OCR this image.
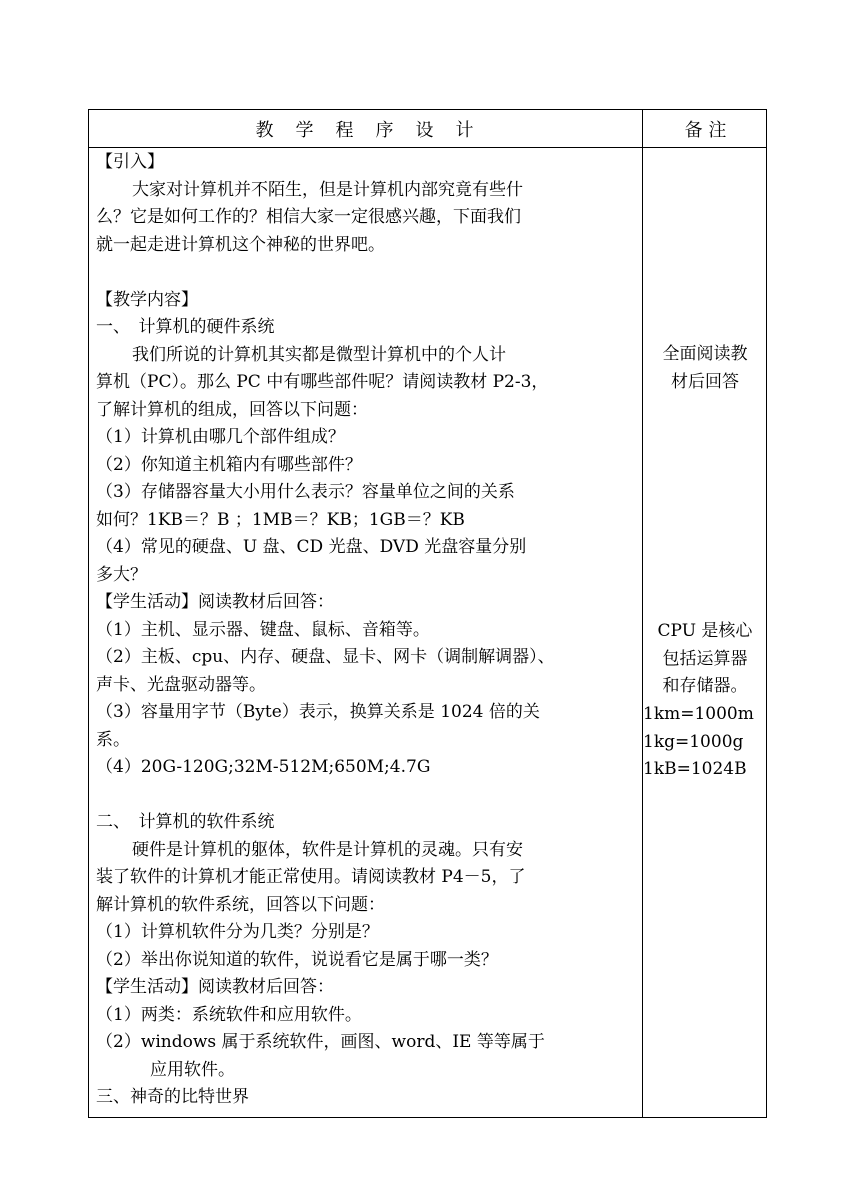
教　学　程　序　设　计	备 注

【引入】

大家对计算机并不陌生，但是计算机内部究竟有些什

么？它是如何工作的？相信大家一定很感兴趣，下面我们

就一起走进计算机这个神秘的世界吧。

【教学内容】

一、　计算机的硬件系统

我们所说的计算机其实都是微型计算机中的个人计

算机（PC）。那么 PC 中有哪些部件呢？请阅读教材 P2-3，

了解计算机的组成，回答以下问题：

（1）计算机由哪几个部件组成？

（2）你知道主机箱内有哪些部件？

（3）存储器容量大小用什么表示？容量单位之间的关系

如何？1KB＝？B ；1MB＝？KB；1GB＝？KB

（4）常见的硬盘、U 盘、CD 光盘、DVD 光盘容量分别

多大？

【学生活动】阅读教材后回答：

（1）主机、显示器、键盘、鼠标、音箱等。

（2）主板、cpu、内存、硬盘、显卡、网卡（调制解调器）、

声卡、光盘驱动器等。

（3）容量用字节（Byte）表示，换算关系是 1024 倍的关

系。

（4）20G-120G;32M-512M;650M;4.7G

二、　计算机的软件系统

硬件是计算机的躯体，软件是计算机的灵魂。只有安

装了软件的计算机才能正常使用。请阅读教材 P4－5，了

解计算机的软件系统，回答以下问题：

（1）计算机软件分为几类？分别是？

（2）举出你说知道的软件，说说看它是属于哪一类？

【学生活动】阅读教材后回答：

（1）两类：系统软件和应用软件。

（2）windows 属于系统软件，画图、word、IE 等等属于

应用软件。

三、神奇的比特世界

全面阅读教
材后回答
CPU 是核心
包括运算器
和存储器。
1km=1000m
1kg=1000g
1kB=1024B
